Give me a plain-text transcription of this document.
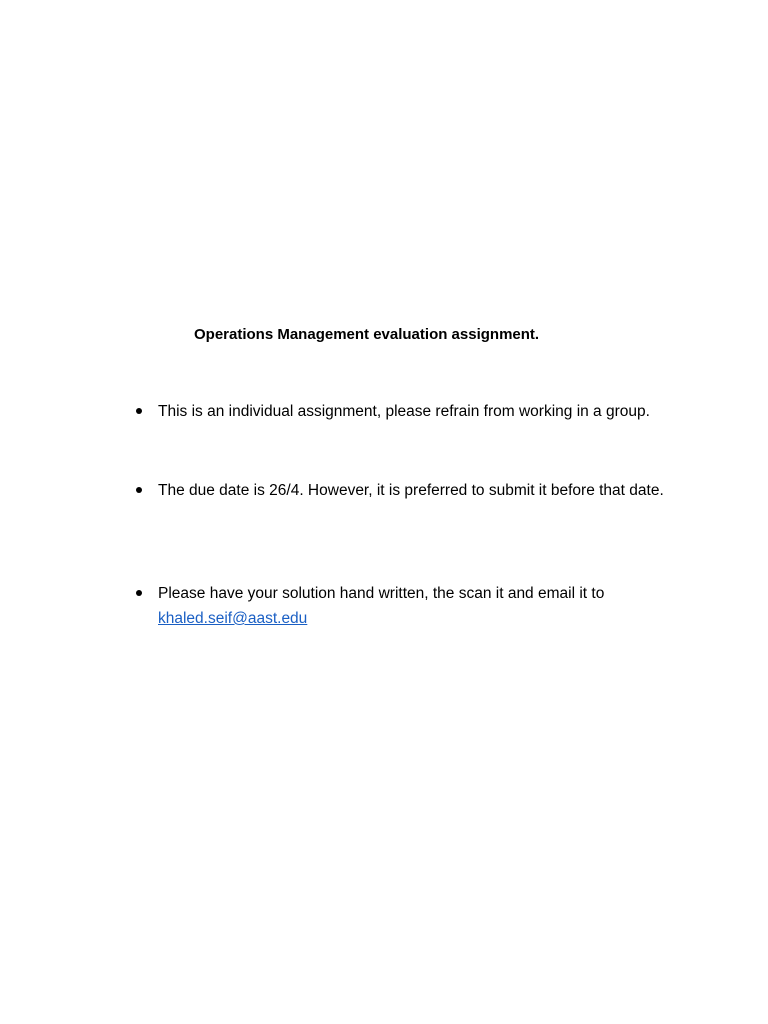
Operations Management evaluation assignment.
This is an individual assignment, please refrain from working in a group.
The due date is 26/4. However, it is preferred to submit it before that date.
Please have your solution hand written, the scan it and email it to
khaled.seif@aast.edu
